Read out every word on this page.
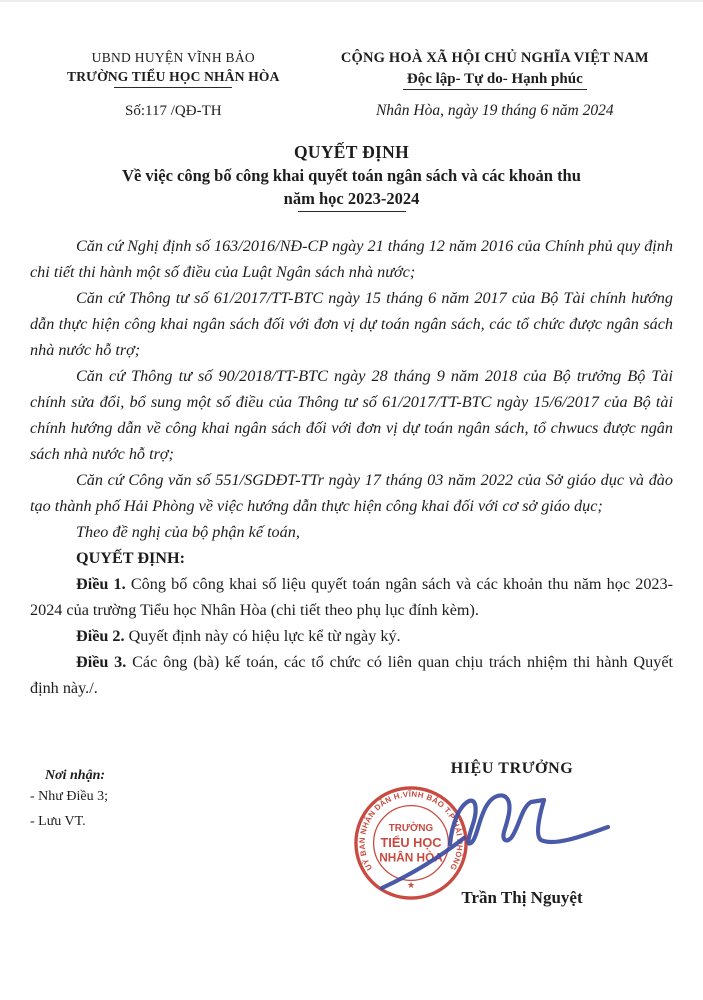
UBND HUYỆN VĨNH BẢO
TRƯỜNG TIỂU HỌC NHÂN HÒA
Số:117 /QĐ-TH
CỘNG HOÀ XÃ HỘI CHỦ NGHĨA VIỆT NAM
Độc lập- Tự do- Hạnh phúc
Nhân Hòa, ngày 19 tháng 6 năm 2024
QUYẾT ĐỊNH
Về việc công bố công khai quyết toán ngân sách và các khoản thu
năm học 2023-2024

Căn cứ Nghị định số 163/2016/NĐ-CP ngày 21 tháng 12 năm 2016 của Chính phủ quy định chi tiết thi hành một số điều của Luật Ngân sách nhà nước;

Căn cứ Thông tư số 61/2017/TT-BTC ngày 15 tháng 6 năm 2017 của Bộ Tài chính hướng dẫn thực hiện công khai ngân sách đối với đơn vị dự toán ngân sách, các tổ chức được ngân sách nhà nước hỗ trợ;

Căn cứ Thông tư số 90/2018/TT-BTC ngày 28 tháng 9 năm 2018 của Bộ trưởng Bộ Tài chính sửa đổi, bổ sung một số điều của Thông tư số 61/2017/TT-BTC ngày 15/6/2017 của Bộ tài chính hướng dẫn về công khai ngân sách đối với đơn vị dự toán ngân sách, tổ chwucs được ngân sách nhà nước hỗ trợ;

Căn cứ Công văn số 551/SGDĐT-TTr ngày 17 tháng 03 năm 2022 của Sở giáo dục và đào tạo thành phố Hải Phòng về việc hướng dẫn thực hiện công khai đối với cơ sở giáo dục;

Theo đề nghị của bộ phận kế toán,

QUYẾT ĐỊNH:

Điều 1. Công bố công khai số liệu quyết toán ngân sách và các khoản thu năm học 2023-2024 của trường Tiểu học Nhân Hòa (chi tiết theo phụ lục đính kèm).

Điều 2. Quyết định này có hiệu lực kể từ ngày ký.

Điều 3. Các ông (bà) kế toán, các tổ chức có liên quan chịu trách nhiệm thi hành Quyết định này./.

Nơi nhận:
- Như Điều 3;
- Lưu VT.
HIỆU TRƯỞNG
UỶ BAN NHÂN DÂN H.VĨNH BẢO T.P HẢI PHÒNG
★
TRƯỜNG
TIỂU HỌC
NHÂN HÒA
Trần Thị Nguyệt
